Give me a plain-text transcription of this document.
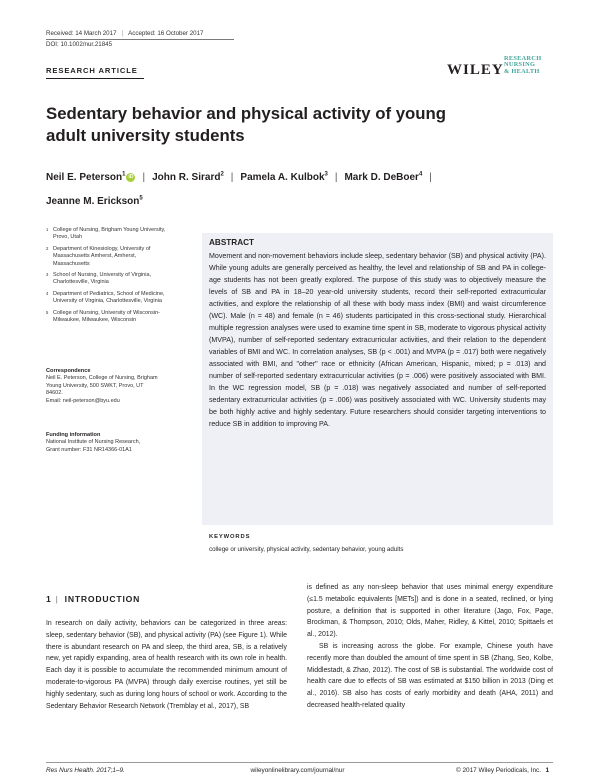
Received: 14 March 2017 | Accepted: 16 October 2017
DOI: 10.1002/nur.21845
RESEARCH ARTICLE	WILEY
RESEARCH
NURSING
& HEALTH
Sedentary behavior and physical activity of young adult university students
Neil E. Peterson$^1$ iD | John R. Sirard$^2$ | Pamela A. Kulbok$^3$ | Mark D. DeBoer$^4$ |
Jeanne M. Erickson$^5$
1 College of Nursing, Brigham Young University, Provo, Utah
2 Department of Kinesiology, University of Massachusetts Amherst, Amherst, Massachusetts
3 School of Nursing, University of Virginia, Charlottesville, Virginia
4 Department of Pediatrics, School of Medicine, University of Virginia, Charlottesville, Virginia
5 College of Nursing, University of Wisconsin-Milwaukee, Milwaukee, Wisconsin
Correspondence
Neil E. Peterson, College of Nursing, Brigham
Young University, 500 SWKT, Provo, UT
84602.
Email: neil-peterson@byu.edu
Funding information
National Institute of Nursing Research,
Grant number: F31 NR14366-01A1
ABSTRACT
Movement and non-movement behaviors include sleep, sedentary behavior (SB) and physical activity (PA). While young adults are generally perceived as healthy, the level and relationship of SB and PA in college-age students has not been greatly explored. The purpose of this study was to objectively measure the levels of SB and PA in 18–20 year-old university students, record their self-reported extracurricular activities, and explore the relationship of all these with body mass index (BMI) and waist circumference (WC). Male (n = 48) and female (n = 46) students participated in this cross-sectional study. Hierarchical multiple regression analyses were used to examine time spent in SB, moderate to vigorous physical activity (MVPA), number of self-reported sedentary extracurricular activities, and their relation to the dependent variables of BMI and WC. In correlation analyses, SB (p < .001) and MVPA (p = .017) both were negatively associated with BMI, and "other" race or ethnicity (African American, Hispanic, mixed; p = .013) and number of self-reported sedentary extracurricular activities (p = .006) were positively associated with BMI. In the WC regression model, SB (p = .018) was negatively associated and number of self-reported sedentary extracurricular activities (p = .006) was positively associated with WC. University students may be both highly active and highly sedentary. Future researchers should consider targeting interventions to reduce SB in addition to improving PA.
KEYWORDS
college or university, physical activity, sedentary behavior, young adults
1 | INTRODUCTION

In research on daily activity, behaviors can be categorized in three areas: sleep, sedentary behavior (SB), and physical activity (PA) (see Figure 1). While there is abundant research on PA and sleep, the third area, SB, is a relatively new, yet rapidly expanding, area of health research with its own role in health. Each day it is possible to accumulate the recommended minimum amount of moderate-to-vigorous PA (MVPA) through daily exercise routines, yet still be highly sedentary, such as during long hours of school or work. According to the Sedentary Behavior Research Network (Tremblay et al., 2017), SB

is defined as any non-sleep behavior that uses minimal energy expenditure (≤1.5 metabolic equivalents [METs]) and is done in a seated, reclined, or lying posture, a definition that is supported in other literature (Jago, Fox, Page, Brockman, & Thompson, 2010; Olds, Maher, Ridley, & Kittel, 2010; Spittaels et al., 2012).

SB is increasing across the globe. For example, Chinese youth have recently more than doubled the amount of time spent in SB (Zhang, Seo, Kolbe, Middlestadt, & Zhao, 2012). The cost of SB is substantial. The worldwide cost of health care due to effects of SB was estimated at $150 billion in 2013 (Ding et al., 2016). SB also has costs of early morbidity and death (AHA, 2011) and decreased health-related quality

Res Nurs Health. 2017;1–9.	wileyonlinelibrary.com/journal/nur	© 2017 Wiley Periodicals, Inc. 1
